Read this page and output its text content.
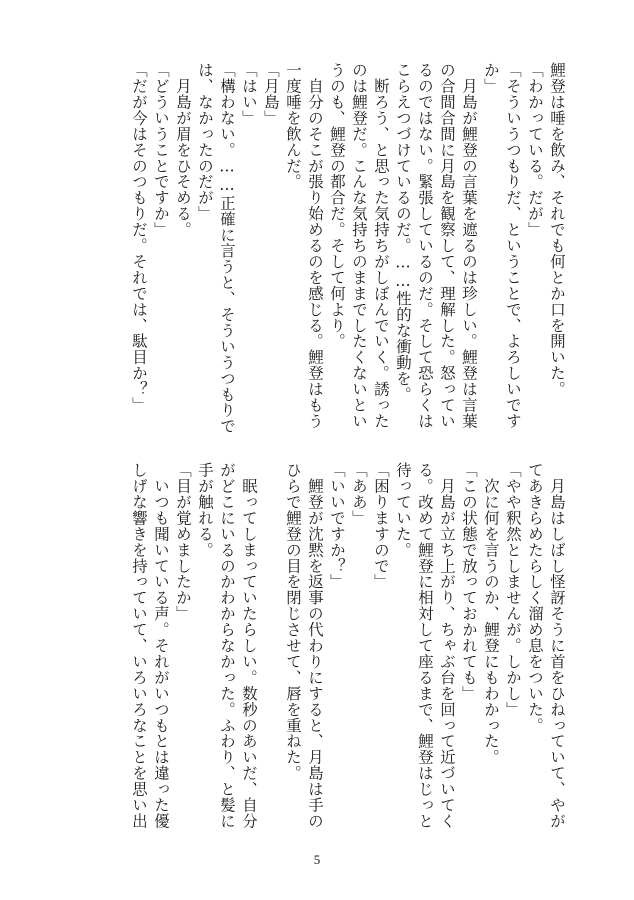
鯉登は唾を飲み、それでも何とか口を開いた。
「わかっている。だが」
「そういうつもりだ、ということで、よろしいです
か」
　月島が鯉登の言葉を遮るのは珍しい。鯉登は言葉
の合間合間に月島を観察して、理解した。怒ってい
るのではない。緊張しているのだ。そして恐らくは
こらえつづけているのだ。……性的な衝動を。
　断ろう、と思った気持ちがしぼんでいく。誘った
のは鯉登だ。こんな気持ちのままでしたくないとい
うのも、鯉登の都合だ。そして何より。
　自分のそこが張り始めるのを感じる。鯉登はもう
一度唾を飲んだ。
「月島」
「はい」
「構わない。……正確に言うと、そういうつもりで
は、なかったのだが」
　月島が眉をひそめる。
「どういうことですか」
「だが今はそのつもりだ。それでは、駄目か？」
　月島はしばし怪訝そうに首をひねっていて、やが
てあきらめたらしく溜め息をついた。
「やや釈然としませんが。しかし」
　次に何を言うのか、鯉登にもわかった。
「この状態で放っておかれても」
　月島が立ち上がり、ちゃぶ台を回って近づいてく
る。改めて鯉登に相対して座るまで、鯉登はじっと
待っていた。
「困りますので」
「ああ」
「いいですか？」
　鯉登が沈黙を返事の代わりにすると、月島は手の
ひらで鯉登の目を閉じさせて、唇を重ねた。

　眠ってしまっていたらしい。数秒のあいだ、自分
がどこにいるのかわからなかった。ふわり、と髪に
手が触れる。
「目が覚めましたか」
　いつも聞いている声。それがいつもとは違った優
しげな響きを持っていて、いろいろなことを思い出
5
